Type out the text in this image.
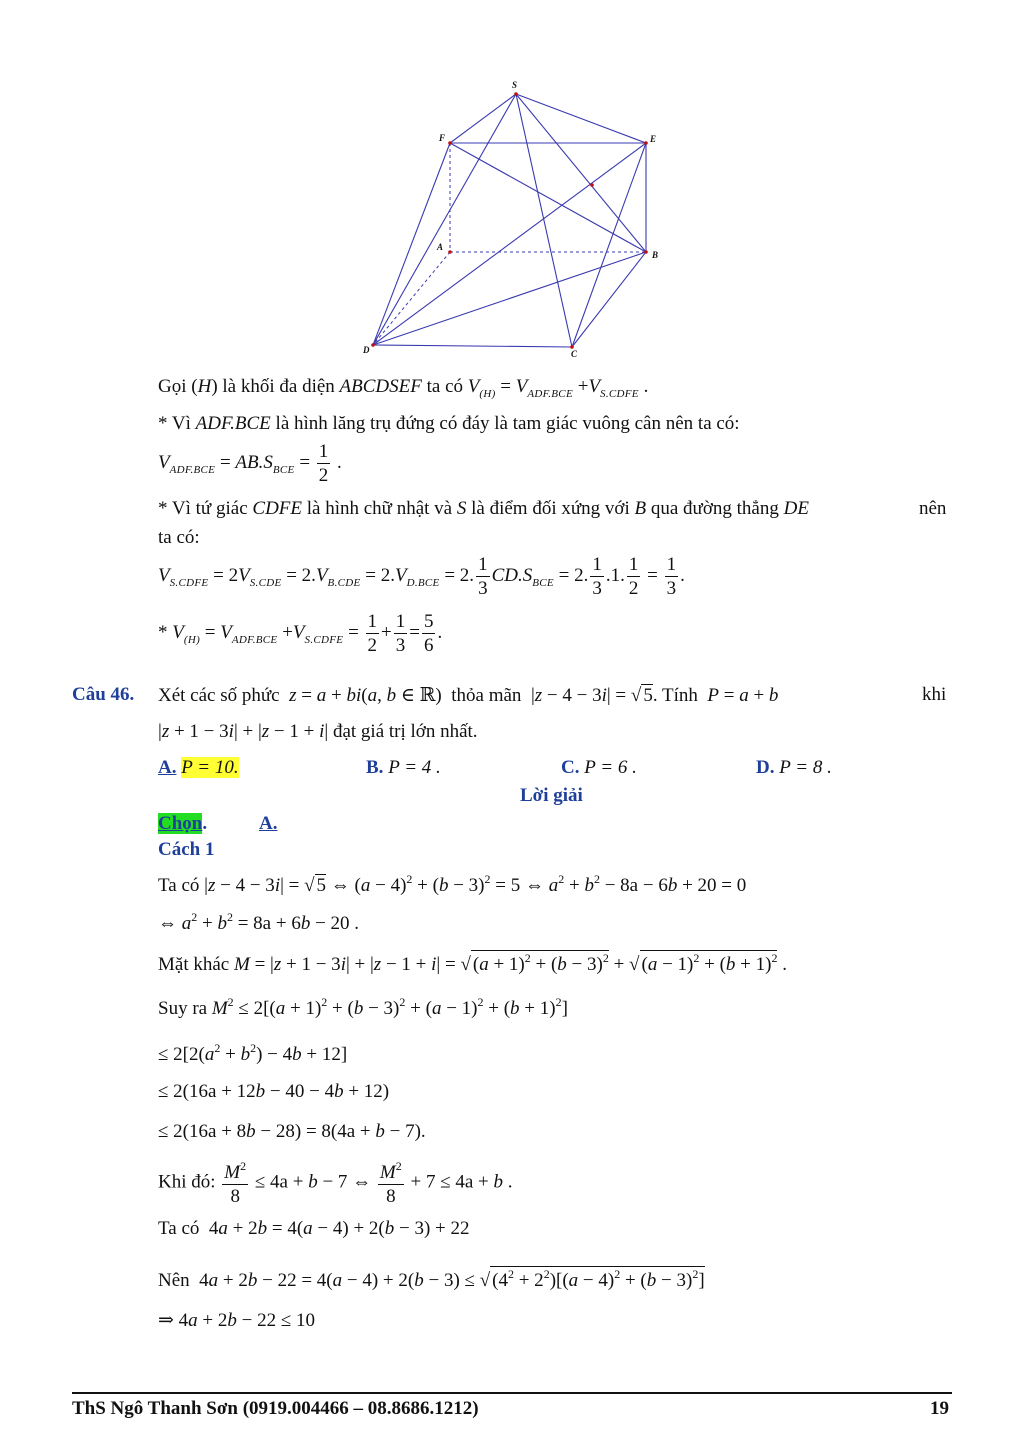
S
F	E
A
B
D	C
Gọi (H) là khối đa diện ABCDSEF ta có $V_{(H)} = V_{ADF.BCE} +V_{S.CDFE}$ .
* Vì ADF.BCE là hình lăng trụ đứng có đáy là tam giác vuông cân nên ta có:
$V_{ADF.BCE} = AB.S_{BCE} = \frac{1}{2}$ .
* Vì tứ giác CDFE là hình chữ nhật và S là điểm đối xứng với B qua đường thẳng DE	nên
ta có:
$V_{S.CDFE} = 2V_{S.CDE} = 2.V_{B.CDE} = 2.V_{D.BCE} = 2$. $\frac{1}{3} CD.S_{BCE} = 2$. $\frac{1}{3} .1$. $\frac{1}{2} = \frac{1}{3}$ .
* $V_{(H)} = V_{ADF.BCE} +V_{S.CDFE} = \frac{1}{2} + \frac{1}{3} = \frac{5}{6}$ .
Câu 46. Xét các số phức z = a + bi(a, b ∈ ℝ)  thỏa mãn  |z − 4 − 3i| = √ 5. Tính P = a + b	khi
|z + 1 − 3i| + |z − 1 + i| đạt giá trị lớn nhất.
A. P = 10.	B. P = 4 .	C. P = 6 .	D. P = 8 .
Lời giải
Chọn.	A.
Cách 1
Ta có |z − 4 − 3i| = √ 5 ⇔ $(a - 4)^2 + (b - 3)^2 = 5$ ⇔ $a^2 + b^2 - 8a - 6b + 20 = 0$
⇔ $a^2 + b^2 = 8a + 6b - 20$ .
Mặt khác M = |z + 1 − 3i| + |z − 1 + i| = √ $(a + 1)^2 + (b - 3)^2$ + √ $(a - 1)^2 + (b + 1)^2$ .
Suy ra $M^2 \le 2[(a + 1)^2 + (b - 3)^2 + (a - 1)^2 + (b + 1)^2]$
≤ $2[2(a^2 + b^2) - 4b + 12]$
≤ 2(16a + 12b − 40 − 4b + 12)
≤ 2(16a + 8b − 28) = 8(4a + b − 7).
Khi đó: $\frac{M^2}{8} \le 4a + b - 7$ ⇔ $\frac{M^2}{8} + 7 \le 4a + b$ .
Ta có  4a + 2b = 4(a − 4) + 2(b − 3) + 22
Nên  4a + 2b − 22 = 4(a − 4) + 2(b − 3) ≤ √ $(4^2 + 2^2)[(a - 4)^2 + (b - 3)^2]$
⇒ 4a + 2b − 22 ≤ 10
ThS Ngô Thanh Sơn (0919.004466 – 08.8686.1212)	19
